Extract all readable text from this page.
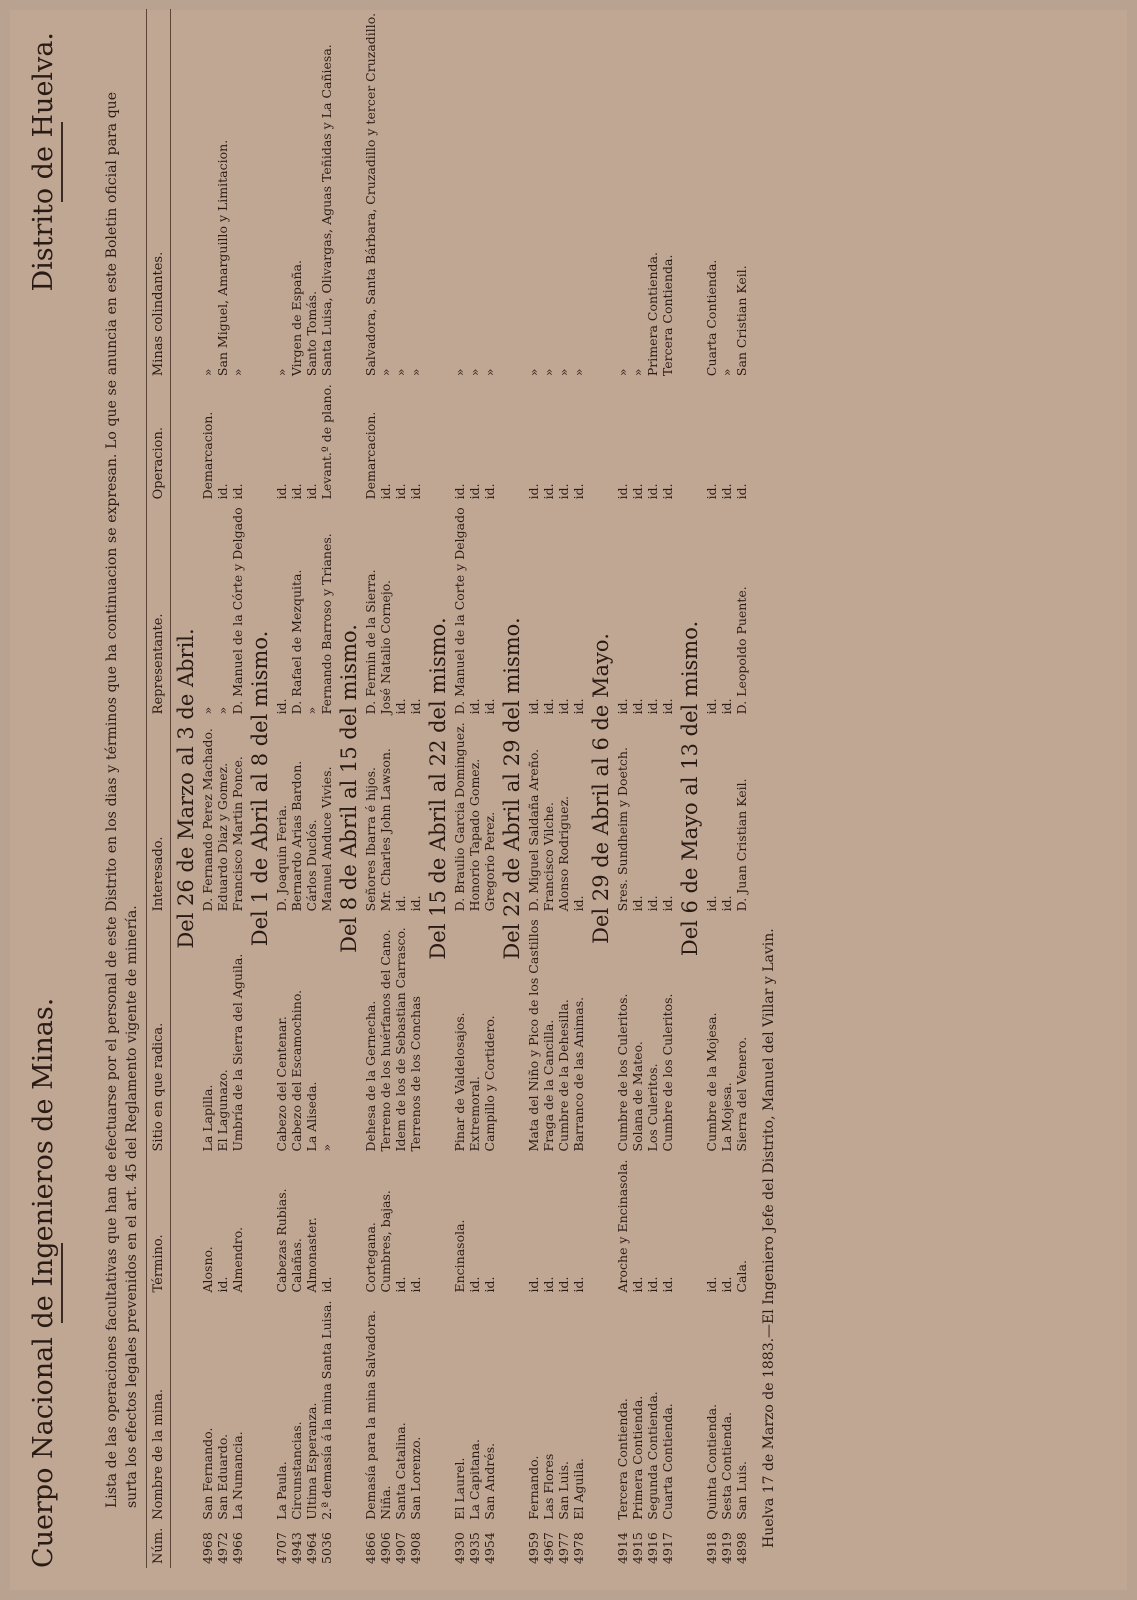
Cuerpo Nacional de Ingenieros de Minas.
Distrito de Huelva.	Lista de las operaciones facultativas que han de efectuarse por el personal de este Distrito en los dias y términos que ha continuacion se expresan. Lo que se anuncia en este Boletin oficial para que surta los efectos legales prevenidos en el art. 45 del Reglamento vigente de minería.
Núm.	Nombre de la mina.	Término.	Sitio en que radica.	Interesado.	Representante.	Operacion.	Minas colindantes.
Del 26 de Marzo al 3 de Abril.							
4968	San Fernando.	Alosno.	La Lapilla.	D. Fernando Perez Machado.	»	Demarcacion.	»
4972	San Eduardo.	id.	El Lagunazo.	Eduardo Diaz y Gomez.	»	id.	San Miguel, Amarguillo y Limitacion.
4966	La Numancia.	Almendro.	Umbría de la Sierra del Aguila.	Francisco Martin Ponce.	D. Manuel de la Córte y Delgado	id.	»
Del 1 de Abril al 8 del mismo.							
4707	La Paula.	Cabezas Rubias.	Cabezo del Centenar.	D. Joaquin Feria.	id.	id.	»
4943	Circunstancias.	Calañas.	Cabezo del Escamochino.	Bernardo Arias Bardon.	D. Rafael de Mezquita.	id.	Virgen de España.
4964	Ultima Esperanza.	Almonaster.	La Aliseda.	Cárlos Duclós.	»	id.	Santo Tomás.
5036	2.ª demasía á la mina Santa Luisa.	id.	»	Manuel Anduce Vivies.	Fernando Barroso y Trianes.	Levant.º de plano.	Santa Luisa, Olivargas, Aguas Teñidas y La Cañiesa.
Del 8 de Abril al 15 del mismo.							
4866	Demasía para la mina Salvadora.	Cortegana.	Dehesa de la Gernecha.	Señores Ibarra é hijos.	D. Fermin de la Sierra.	Demarcacion.	Salvadora, Santa Bárbara, Cruzadillo y tercer Cruzadillo.
4906	Niña.	Cumbres, bajas.	Terreno de los huérfanos del Cano.	Mr. Charles John Lawson.	José Natalio Cornejo.	id.	»
4907	Santa Catalina.	id.	Idem de los de Sebastian Carrasco.	id.	id.	id.	»
4908	San Lorenzo.	id.	Terrenos de los Conchas	id.	id.	id.	»
Del 15 de Abril al 22 del mismo.							
4930	El Laurel.	Encinasola.	Pinar de Valdelosajos.	D. Braulio Garcia Dominguez.	D. Manuel de la Corte y Delgado	id.	»
4935	La Capitana.	id.	Extremoral.	Honorio Tapado Gomez.	id.	id.	»
4954	San Andrés.	id.	Campillo y Cortidero.	Gregorio Perez.	id.	id.	»
Del 22 de Abril al 29 del mismo.							
4959	Fernando.	id.	Mata del Niño y Pico de los Castillos	D. Miguel Saldaña Areño.	id.	id.	»
4967	Las Flores	id.	Fraga de la Cancilla.	Francisco Vilche.	id.	id.	»
4977	San Luis.	id.	Cumbre de la Dehesilla.	Alonso Rodriguez.	id.	id.	»
4978	El Aguila.	id.	Barranco de las Animas.	id.	id.	id.	»
Del 29 de Abril al 6 de Mayo.							
4914	Tercera Contienda.	Aroche y Encinasola.	Cumbre de los Culeritos.	Sres. Sundheim y Doetch.	id.	id.	»
4915	Primera Contienda.	id.	Solana de Mateo.	id.	id.	id.	»
4916	Segunda Contienda.	id.	Los Culeritos.	id.	id.	id.	Primera Contienda.
4917	Cuarta Contienda.	id.	Cumbre de los Culeritos.	id.	id.	id.	Tercera Contienda.
Del 6 de Mayo al 13 del mismo.							
4918	Quinta Contienda.	id.	Cumbre de la Mojesa.	id.	id.	id.	Cuarta Contienda.
4919	Sesta Contienda.	id.	La Mojesa.	id.	id.	id.	»
4898	San Luis.	Cala.	Sierra del Venero.	D. Juan Cristian Keil.	D. Leopoldo Puente.	id.	San Cristian Keil.
Huelva 17 de Marzo de 1883.—El Ingeniero Jefe del Distrito, Manuel del Villar y Lavin.
